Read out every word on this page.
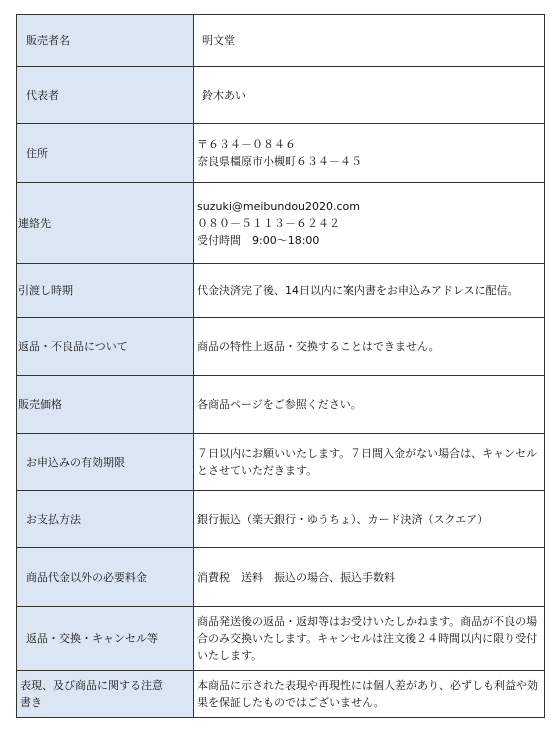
販売者名	明文堂

代表者	鈴木あい

住所	〒６３４－０８４６
奈良県橿原市小槻町６３４－４５

連絡先	suzuki@meibundou2020.com
０８０－５１１３－６２４２
受付時間　9:00～18:00

引渡し時期	代金決済完了後、14日以内に案内書をお申込みアドレスに配信。

返品・不良品について	商品の特性上返品・交換することはできません。

販売価格	各商品ページをご参照ください。

お申込みの有効期限	７日以内にお願いいたします。７日間入金がない場合は、キャンセルとさせていただきます。

お支払方法	銀行振込（楽天銀行・ゆうちょ）、カード決済（スクエア）

商品代金以外の必要料金	消費税　送料　振込の場合、振込手数料

返品・交換・キャンセル等	商品発送後の返品・返却等はお受けいたしかねます。商品が不良の場合のみ交換いたします。キャンセルは注文後２４時間以内に限り受付いたします。

表現、及び商品に関する注意書き	本商品に示された表現や再現性には個人差があり、必ずしも利益や効果を保証したものではございません。
